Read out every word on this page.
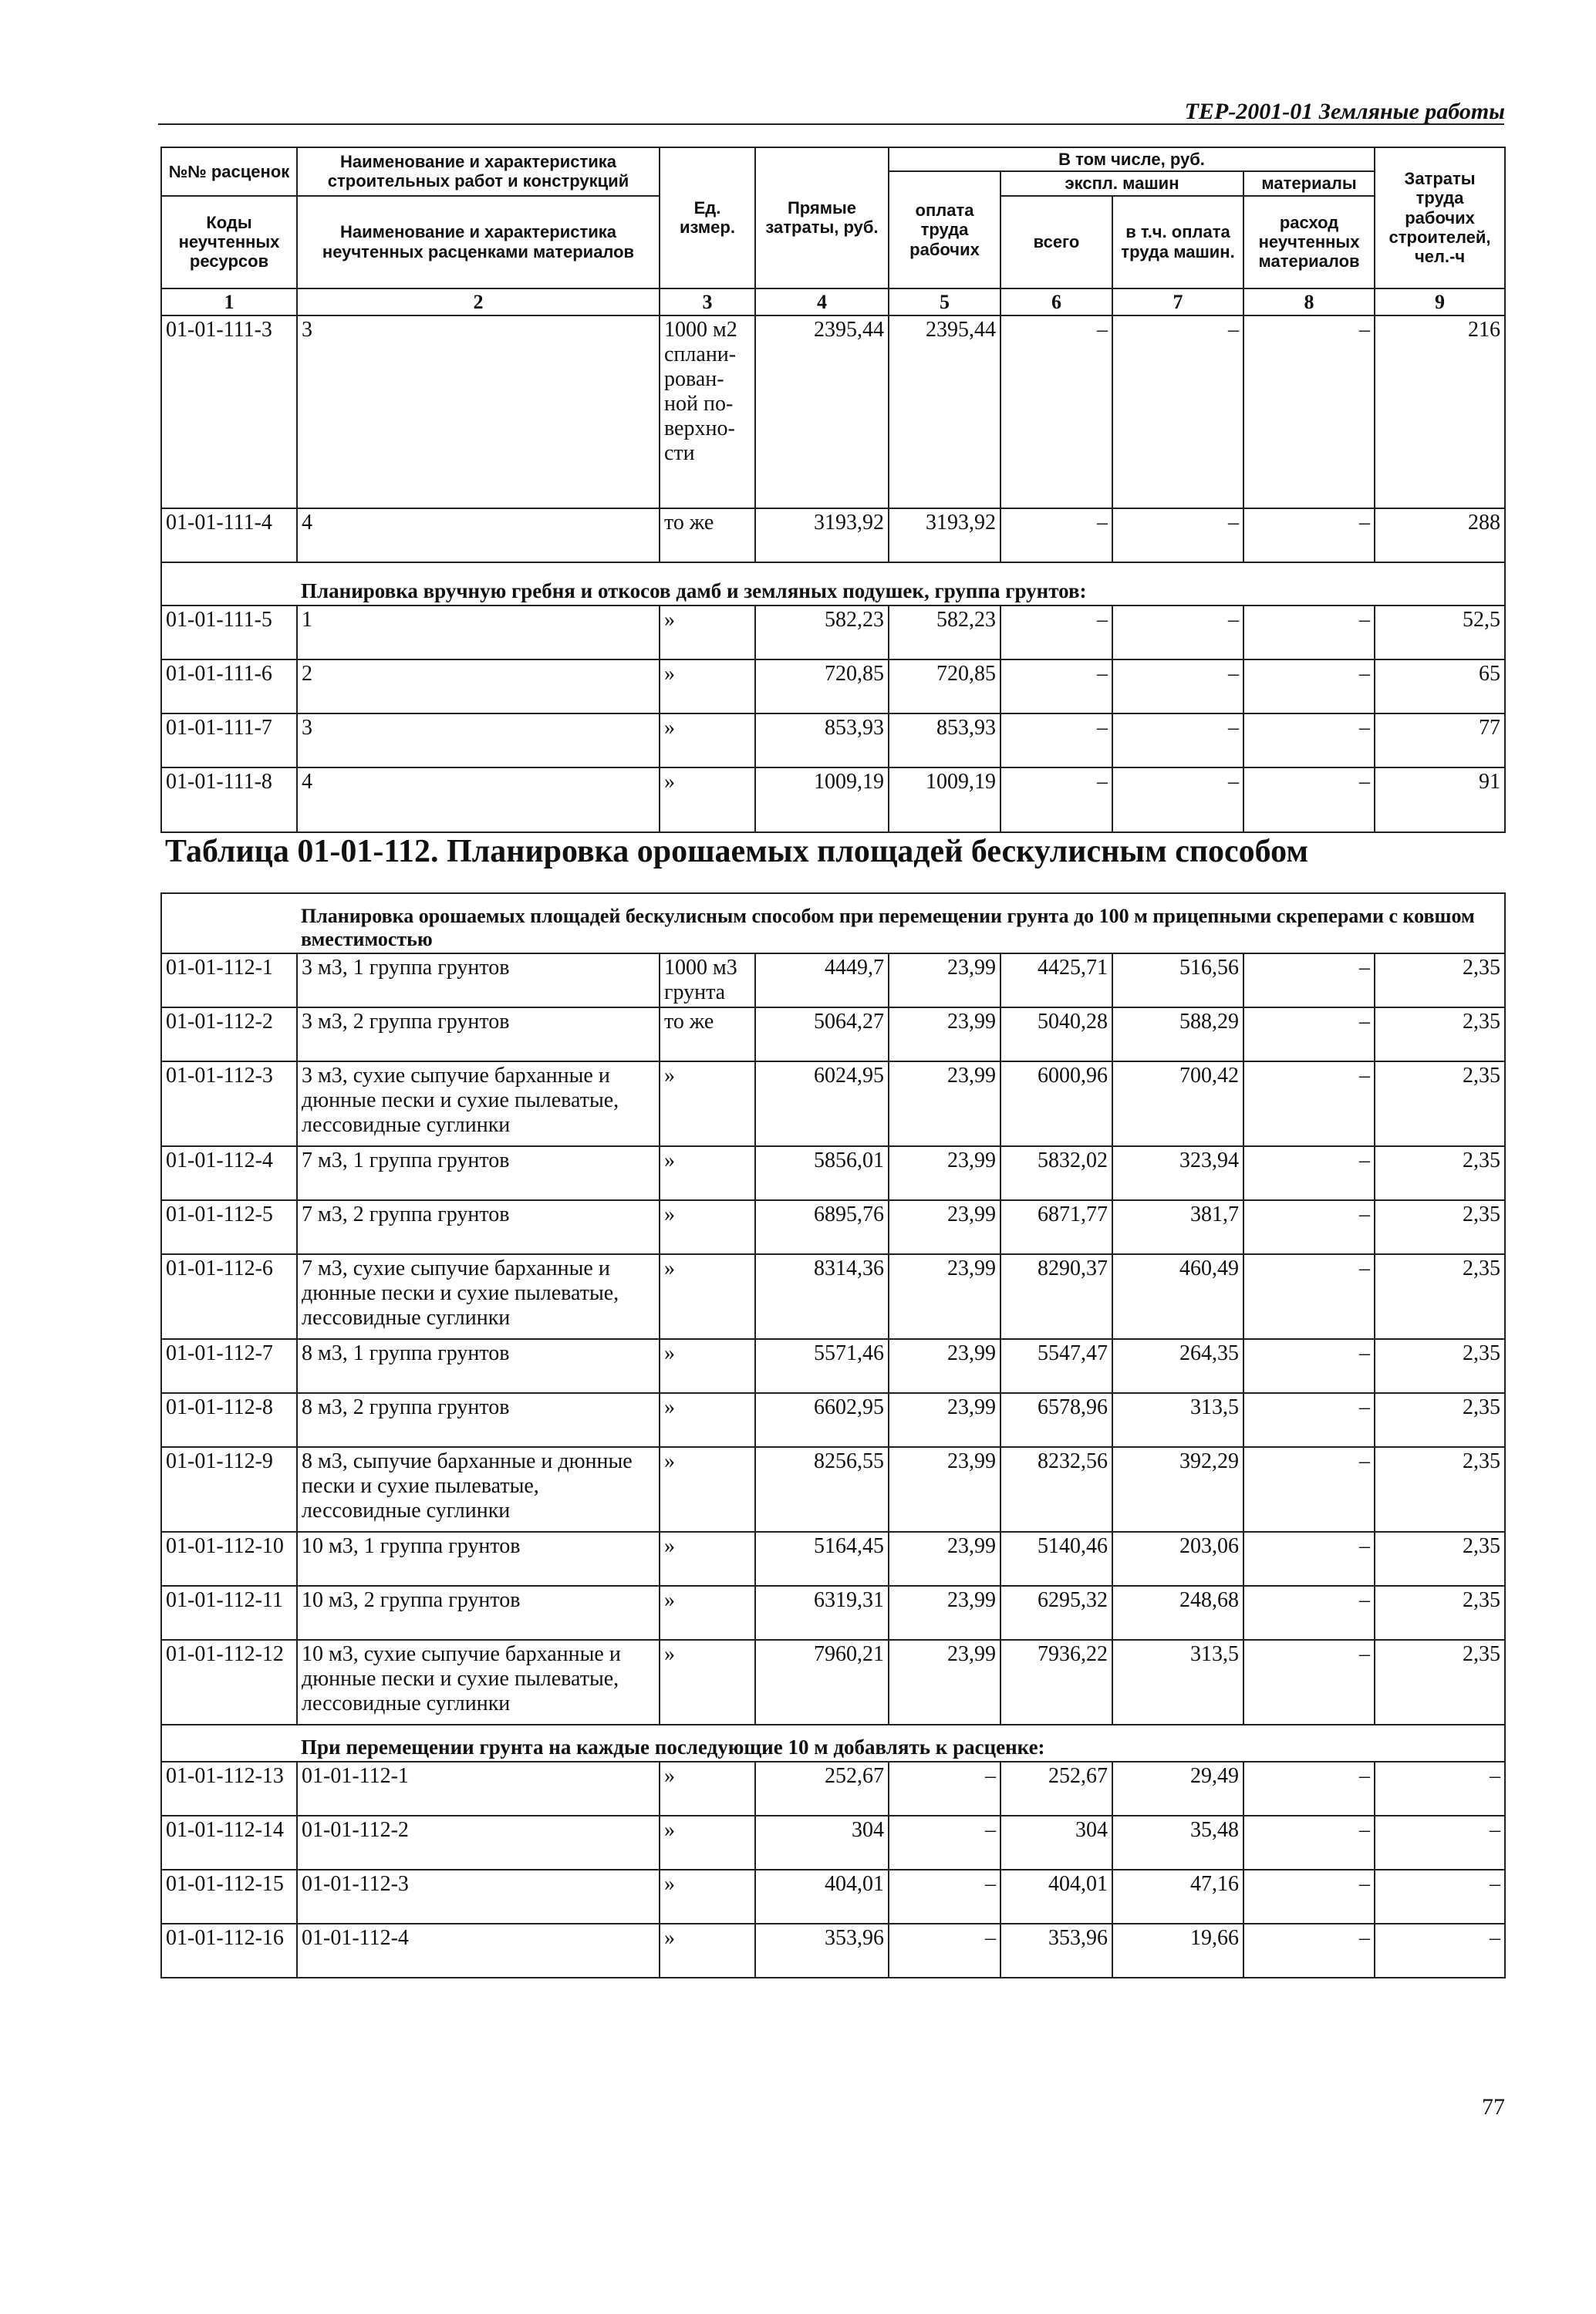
ТЕР-2001-01 Земляные работы
№№ расценок	Наименование и характеристика строительных работ и конструкций	Ед. измер.	Прямые затраты, руб.	В том числе, руб.				Затраты труда рабочих строителей, чел.-ч
				оплата труда рабочих	экспл. машин		материалы	
Коды неучтенных ресурсов	Наименование и характеристика неучтенных расценками материалов				всего	в т.ч. оплата труда машин.	расход неучтенных материалов	

1	2	3	4	5	6	7	8	9
01-01-111-3	3	1000 м2 сплани-рован-ной по-верхно-сти	2395,44	2395,44	–	–	–	216
01-01-111-4	4	то же	3193,92	3193,92	–	–	–	288
Планировка вручную гребня и откосов дамб и земляных подушек, группа грунтов:								
01-01-111-5	1	»	582,23	582,23	–	–	–	52,5
01-01-111-6	2	»	720,85	720,85	–	–	–	65
01-01-111-7	3	»	853,93	853,93	–	–	–	77
01-01-111-8	4	»	1009,19	1009,19	–	–	–	91
Таблица 01-01-112. Планировка орошаемых площадей бескулисным способом
Планировка орошаемых площадей бескулисным способом при перемещении грунта до 100 м прицепными скреперами с ковшом вместимостью								
01-01-112-1	3 м3, 1 группа грунтов	1000 м3 грунта	4449,7	23,99	4425,71	516,56	–	2,35
01-01-112-2	3 м3, 2 группа грунтов	то же	5064,27	23,99	5040,28	588,29	–	2,35
01-01-112-3	3 м3, сухие сыпучие барханные и дюнные пески и сухие пылеватые, лессовидные суглинки	»	6024,95	23,99	6000,96	700,42	–	2,35
01-01-112-4	7 м3, 1 группа грунтов	»	5856,01	23,99	5832,02	323,94	–	2,35
01-01-112-5	7 м3, 2 группа грунтов	»	6895,76	23,99	6871,77	381,7	–	2,35
01-01-112-6	7 м3, сухие сыпучие барханные и дюнные пески и сухие пылеватые, лессовидные суглинки	»	8314,36	23,99	8290,37	460,49	–	2,35
01-01-112-7	8 м3, 1 группа грунтов	»	5571,46	23,99	5547,47	264,35	–	2,35
01-01-112-8	8 м3, 2 группа грунтов	»	6602,95	23,99	6578,96	313,5	–	2,35
01-01-112-9	8 м3, сыпучие барханные и дюнные пески и сухие пылеватые, лессовидные суглинки	»	8256,55	23,99	8232,56	392,29	–	2,35
01-01-112-10	10 м3, 1 группа грунтов	»	5164,45	23,99	5140,46	203,06	–	2,35
01-01-112-11	10 м3, 2 группа грунтов	»	6319,31	23,99	6295,32	248,68	–	2,35
01-01-112-12	10 м3, сухие сыпучие барханные и дюнные пески и сухие пылеватые, лессовидные суглинки	»	7960,21	23,99	7936,22	313,5	–	2,35
При перемещении грунта на каждые последующие 10 м добавлять к расценке:								
01-01-112-13	01-01-112-1	»	252,67	–	252,67	29,49	–	–
01-01-112-14	01-01-112-2	»	304	–	304	35,48	–	–
01-01-112-15	01-01-112-3	»	404,01	–	404,01	47,16	–	–
01-01-112-16	01-01-112-4	»	353,96	–	353,96	19,66	–	–
77
